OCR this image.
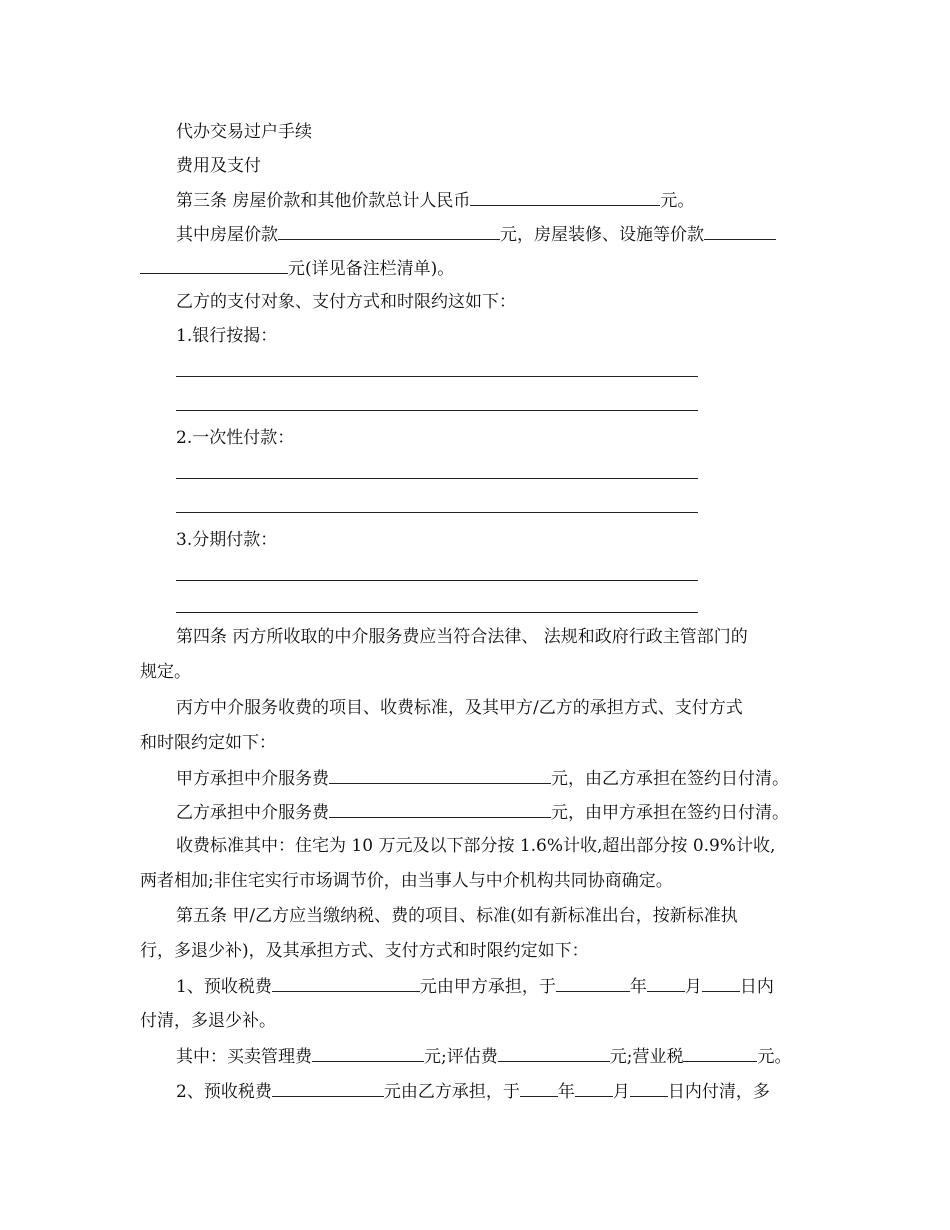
代办交易过户手续
费用及支付
第三条 房屋价款和其他价款总计人民币	元。
其中房屋价款	元，房屋装修、设施等价款
元(详见备注栏清单)。
乙方的支付对象、支付方式和时限约这如下：
1.银行按揭：
2.一次性付款：
3.分期付款：
第四条 丙方所收取的中介服务费应当符合法律、 法规和政府行政主管部门的
规定。
丙方中介服务收费的项目、收费标准，及其甲方/乙方的承担方式、支付方式
和时限约定如下：
甲方承担中介服务费	元，由乙方承担在签约日付清。
乙方承担中介服务费	元，由甲方承担在签约日付清。
收费标准其中：住宅为 10 万元及以下部分按 1.6%计收,超出部分按 0.9%计收,
两者相加;非住宅实行市场调节价，由当事人与中介机构共同协商确定。
第五条 甲/乙方应当缴纳税、费的项目、标准(如有新标准出台，按新标准执
行，多退少补)，及其承担方式、支付方式和时限约定如下：
1、预收税费	元由甲方承担，于	年 月 日内
付清，多退少补。
其中：买卖管理费	元;评估费	元;营业税	元。
2、预收税费	元由乙方承担，于 年 月 日内付清，多
